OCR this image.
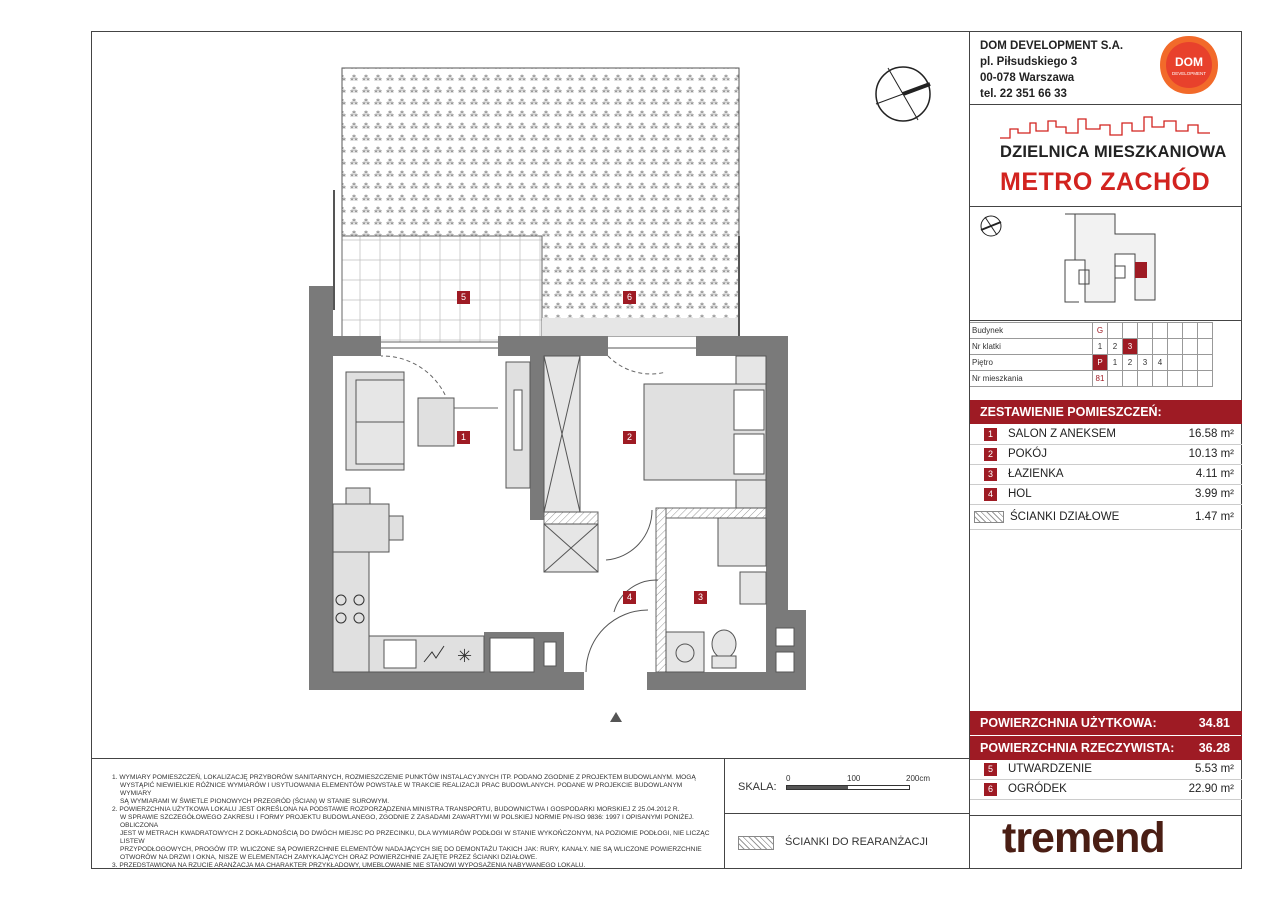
✳
1	2
3
4
5	6
DOM DEVELOPMENT S.A.
pl. Piłsudskiego 3
00-078 Warszawa
tel. 22 351 66 33
DOM
DEVELOPMENT
DZIELNICA MIESZKANIOWA
METRO ZACHÓD
Budynek	G							
Nr klatki	1	2	3					
Piętro	P	1	2	3	4			
Nr mieszkania	81							
ZESTAWIENIE POMIESZCZEŃ:
1	SALON Z ANEKSEM	16.58 m²
2	POKÓJ	10.13 m²
3	ŁAZIENKA	4.11 m²
4	HOL	3.99 m²
ŚCIANKI DZIAŁOWE	1.47 m²
POWIERZCHNIA UŻYTKOWA:	34.81
POWIERZCHNIA RZECZYWISTA: 36.28
5	UTWARDZENIE	5.53 m²
6	OGRÓDEK	22.90 m²
tremend
1. WYMIARY POMIESZCZEŃ, LOKALIZACJĘ PRZYBORÓW SANITARNYCH, ROZMIESZCZENIE PUNKTÓW INSTALACYJNYCH ITP. PODANO ZGODNIE Z PROJEKTEM BUDOWLANYM. MOGĄ
WYSTĄPIĆ NIEWIELKIE RÓŻNICE WYMIARÓW I USYTUOWANIA ELEMENTÓW POWSTAŁE W TRAKCIE REALIZACJI PRAC BUDOWLANYCH. PODANE W PROJEKCIE BUDOWLANYM WYMIARY
SĄ WYMIARAMI W ŚWIETLE PIONOWYCH PRZEGRÓD (ŚCIAN) W STANIE SUROWYM.
2. POWIERZCHNIA UŻYTKOWA LOKALU JEST OKREŚLONA NA PODSTAWIE ROZPORZĄDZENIA MINISTRA TRANSPORTU, BUDOWNICTWA I GOSPODARKI MORSKIEJ Z 25.04.2012 R.
W SPRAWIE SZCZEGÓŁOWEGO ZAKRESU I FORMY PROJEKTU BUDOWLANEGO, ZGODNIE Z ZASADAMI ZAWARTYMI W POLSKIEJ NORMIE PN-ISO 9836: 1997 I OPISANYMI PONIŻEJ. OBLICZONA
JEST W METRACH KWADRATOWYCH Z DOKŁADNOŚCIĄ DO DWÓCH MIEJSC PO PRZECINKU, DLA WYMIARÓW PODŁOGI W STANIE WYKOŃCZONYM, NA POZIOMIE PODŁOGI, NIE LICZĄC LISTEW
PRZYPODŁOGOWYCH, PROGÓW ITP. WLICZONE SĄ POWIERZCHNIE ELEMENTÓW NADAJĄCYCH SIĘ DO DEMONTAŻU TAKICH JAK: RURY, KANAŁY. NIE SĄ WLICZONE POWIERZCHNIE
OTWORÓW NA DRZWI I OKNA, NISZE W ELEMENTACH ZAMYKAJĄCYCH ORAZ POWIERZCHNIE ZAJĘTE PRZEZ ŚCIANKI DZIAŁOWE.
3. PRZEDSTAWIONA NA RZUCIE ARANŻACJA MA CHARAKTER PRZYKŁADOWY, UMEBLOWANIE NIE STANOWI WYPOSAŻENIA NABYWANEGO LOKALU.
SKALA:
0	100	200cm
ŚCIANKI DO REARANŻACJI
